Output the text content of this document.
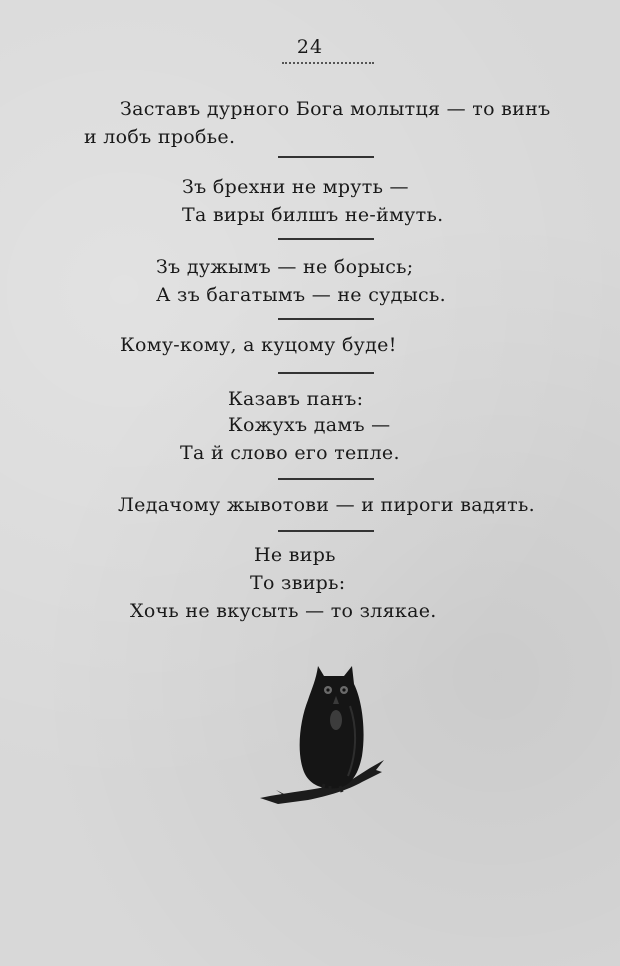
24
Заставъ дурного Бога молытця — то винъ
и лобъ пробье.
Зъ брехни не мруть —
Та виры билшъ не-ймуть.
Зъ дужымъ — не борысь;
А зъ багатымъ — не судысь.
Кому-кому, а куцому буде!
Казавъ панъ:
Кожухъ дамъ —
Та й слово его тепле.
Ледачому жывотови — и пироги вадять.
Не вирь
То звирь:
Хочь не вкусыть — то злякае.
